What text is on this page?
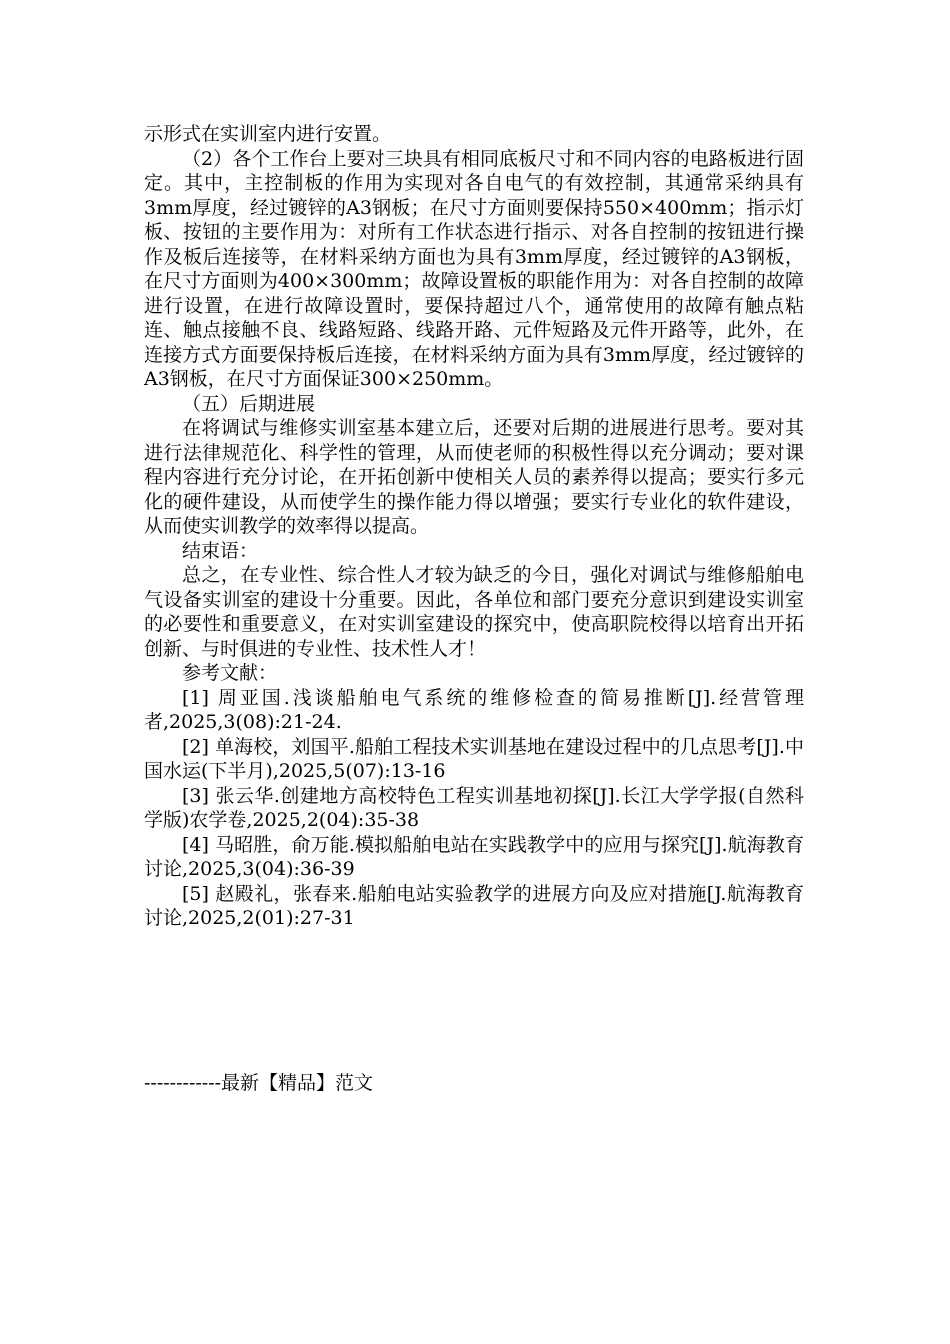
示形式在实训室内进行安置。

（2）各个工作台上要对三块具有相同底板尺寸和不同内容的电路板进行固定。其中，主控制板的作用为实现对各自电气的有效控制，其通常采纳具有3mm厚度，经过镀锌的A3钢板；在尺寸方面则要保持550×400mm；指示灯板、按钮的主要作用为：对所有工作状态进行指示、对各自控制的按钮进行操作及板后连接等，在材料采纳方面也为具有3mm厚度，经过镀锌的A3钢板，在尺寸方面则为400×300mm；故障设置板的职能作用为：对各自控制的故障进行设置，在进行故障设置时，要保持超过八个，通常使用的故障有触点粘连、触点接触不良、线路短路、线路开路、元件短路及元件开路等，此外，在连接方式方面要保持板后连接，在材料采纳方面为具有3mm厚度，经过镀锌的A3钢板，在尺寸方面保证300×250mm。

（五）后期进展

在将调试与维修实训室基本建立后，还要对后期的进展进行思考。要对其进行法律规范化、科学性的管理，从而使老师的积极性得以充分调动；要对课程内容进行充分讨论，在开拓创新中使相关人员的素养得以提高；要实行多元化的硬件建设，从而使学生的操作能力得以增强；要实行专业化的软件建设，从而使实训教学的效率得以提高。

结束语：

总之，在专业性、综合性人才较为缺乏的今日，强化对调试与维修船舶电气设备实训室的建设十分重要。因此，各单位和部门要充分意识到建设实训室的必要性和重要意义，在对实训室建设的探究中，使高职院校得以培育出开拓创新、与时俱进的专业性、技术性人才！

参考文献：

[1] 周亚国.浅谈船舶电气系统的维修检查的简易推断[J].经营管理者,2025,3(08):21-24.

[2] 单海校，刘国平.船舶工程技术实训基地在建设过程中的几点思考[J].中国水运(下半月),2025,5(07):13-16

[3] 张云华.创建地方高校特色工程实训基地初探[J].长江大学学报(自然科学版)农学卷,2025,2(04):35-38

[4] 马昭胜，俞万能.模拟船舶电站在实践教学中的应用与探究[J].航海教育讨论,2025,3(04):36-39

[5] 赵殿礼，张春来.船舶电站实验教学的进展方向及应对措施[J.航海教育讨论,2025,2(01):27-31

------------最新【精品】范文
